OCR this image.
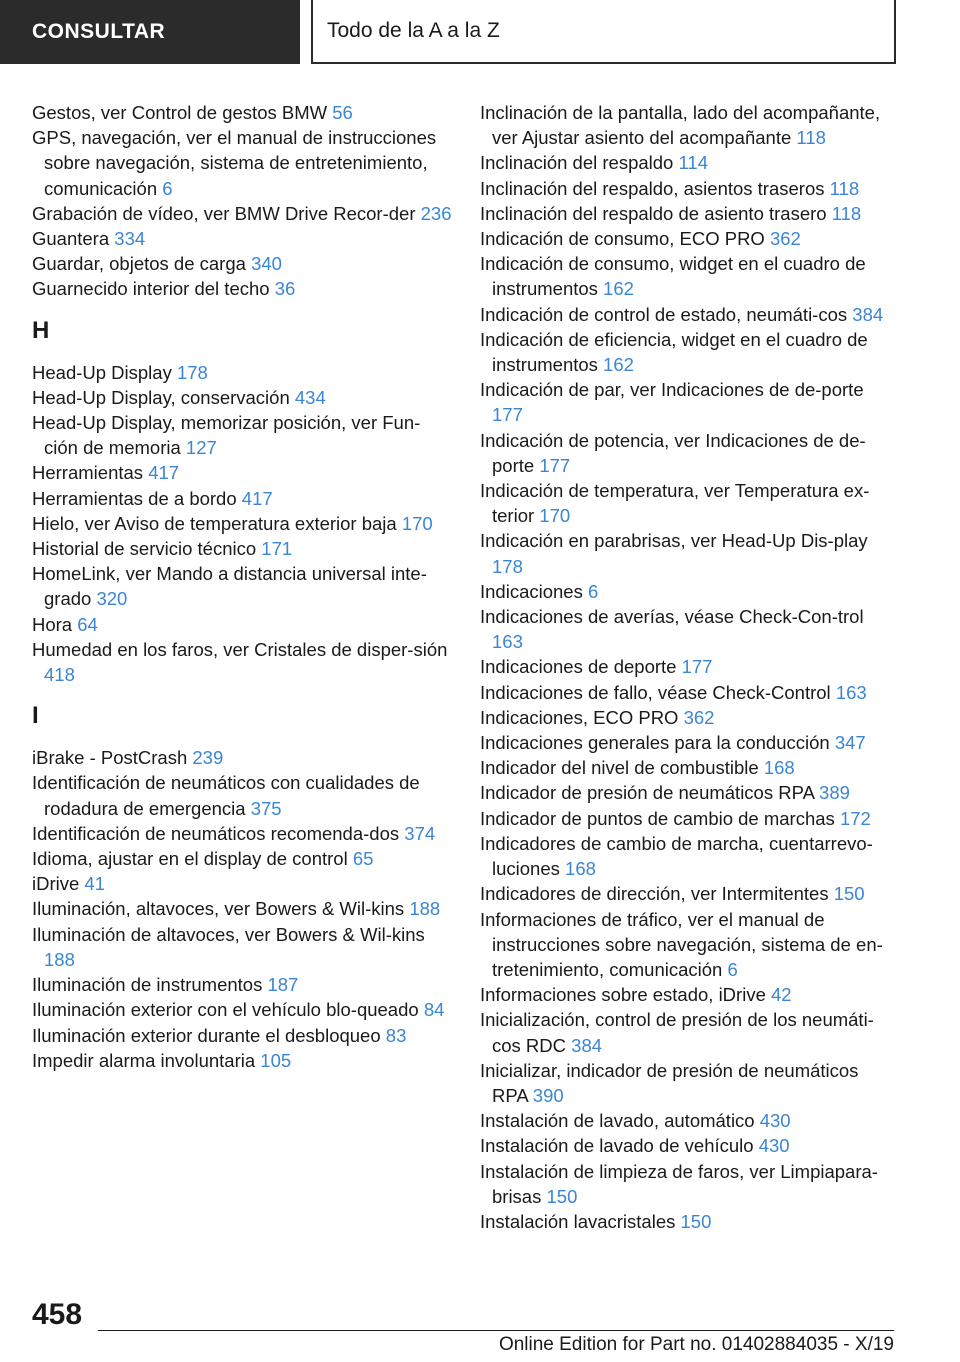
CONSULTAR	Todo de la A a la Z
Gestos, ver Control de gestos BMW 56
GPS, navegación, ver el manual de instrucciones sobre navegación, sistema de entretenimiento, comunicación 6
Grabación de vídeo, ver BMW Drive Recor‐der 236
Guantera 334
Guardar, objetos de carga 340
Guarnecido interior del techo 36
H
Head-Up Display 178
Head-Up Display, conservación 434
Head-Up Display, memorizar posición, ver Fun‐ción de memoria 127
Herramientas 417
Herramientas de a bordo 417
Hielo, ver Aviso de temperatura exterior baja 170
Historial de servicio técnico 171
HomeLink, ver Mando a distancia universal inte‐grado 320
Hora 64
Humedad en los faros, ver Cristales de disper‐sión 418
I
iBrake - PostCrash 239
Identificación de neumáticos con cualidades de rodadura de emergencia 375
Identificación de neumáticos recomenda‐dos 374
Idioma, ajustar en el display de control 65
iDrive 41
Iluminación, altavoces, ver Bowers & Wil‐kins 188
Iluminación de altavoces, ver Bowers & Wil‐kins 188
Iluminación de instrumentos 187
Iluminación exterior con el vehículo blo‐queado 84
Iluminación exterior durante el desbloqueo 83
Impedir alarma involuntaria 105
Inclinación de la pantalla, lado del acompañante, ver Ajustar asiento del acompañante 118
Inclinación del respaldo 114
Inclinación del respaldo, asientos traseros 118
Inclinación del respaldo de asiento trasero 118
Indicación de consumo, ECO PRO 362
Indicación de consumo, widget en el cuadro de instrumentos 162
Indicación de control de estado, neumáti‐cos 384
Indicación de eficiencia, widget en el cuadro de instrumentos 162
Indicación de par, ver Indicaciones de de‐porte 177
Indicación de potencia, ver Indicaciones de de‐porte 177
Indicación de temperatura, ver Temperatura ex‐terior 170
Indicación en parabrisas, ver Head-Up Dis‐play 178
Indicaciones 6
Indicaciones de averías, véase Check-Con‐trol 163
Indicaciones de deporte 177
Indicaciones de fallo, véase Check-Control 163
Indicaciones, ECO PRO 362
Indicaciones generales para la conducción 347
Indicador del nivel de combustible 168
Indicador de presión de neumáticos RPA 389
Indicador de puntos de cambio de marchas 172
Indicadores de cambio de marcha, cuentarrevo‐luciones 168
Indicadores de dirección, ver Intermitentes 150
Informaciones de tráfico, ver el manual de instrucciones sobre navegación, sistema de en‐tretenimiento, comunicación 6
Informaciones sobre estado, iDrive 42
Inicialización, control de presión de los neumáti‐cos RDC 384
Inicializar, indicador de presión de neumáticos RPA 390
Instalación de lavado, automático 430
Instalación de lavado de vehículo 430
Instalación de limpieza de faros, ver Limpiapara‐brisas 150
Instalación lavacristales 150
458
Online Edition for Part no. 01402884035 - X/19
